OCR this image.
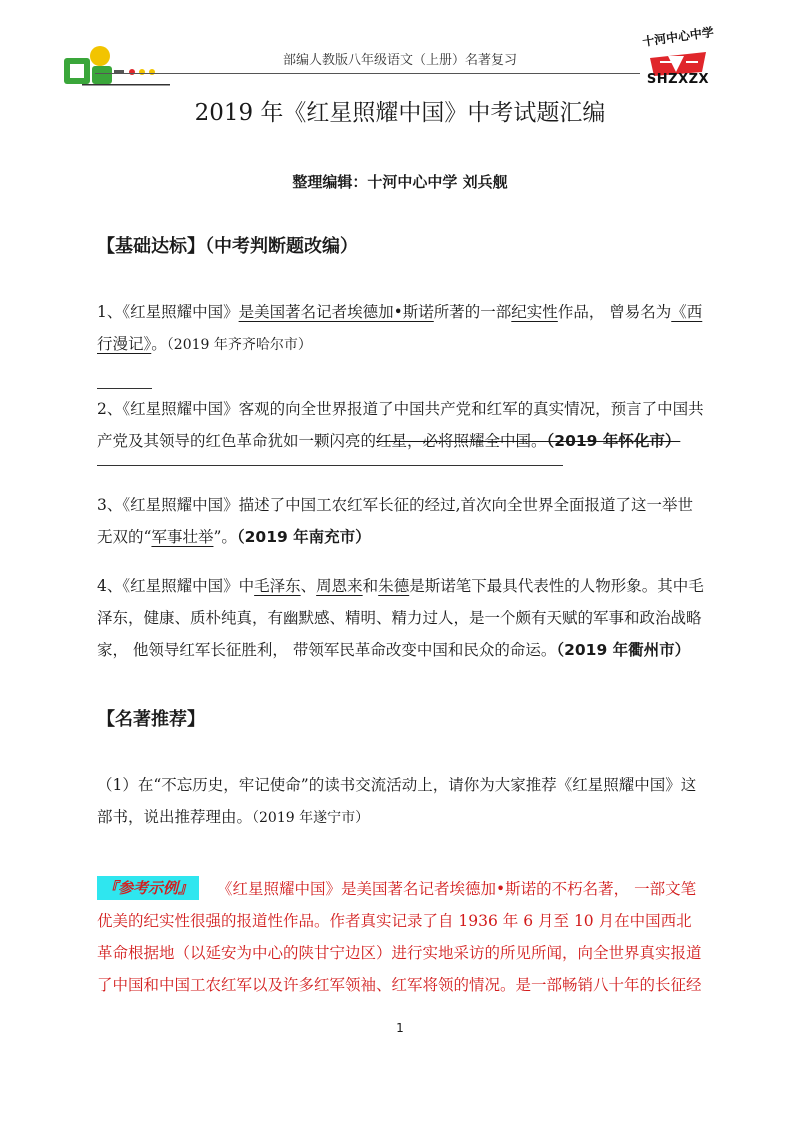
部编人教版八年级语文（上册）名著复习
十河中心中学
SHZXZX
2019 年《红星照耀中国》中考试题汇编
整理编辑：十河中心中学 刘兵舰
【基础达标】（中考判断题改编）
1、《红星照耀中国》是美国著名记者埃德加•斯诺所著的一部纪实性作品， 曾易名为《西行漫记》。（2019 年齐齐哈尔市）
2、《红星照耀中国》客观的向全世界报道了中国共产党和红军的真实情况，预言了中国共产党及其领导的红色革命犹如一颗闪亮的红星，必将照耀全中国。（2019 年怀化市）
3、《红星照耀中国》描述了中国工农红军长征的经过,首次向全世界全面报道了这一举世无双的“军事壮举”。（2019 年南充市）
4、《红星照耀中国》中毛泽东、周恩来和朱德是斯诺笔下最具代表性的人物形象。其中毛泽东，健康、质朴纯真，有幽默感、精明、精力过人，是一个颇有天赋的军事和政治战略家， 他领导红军长征胜利， 带领军民革命改变中国和民众的命运。（2019 年衢州市）
【名著推荐】
（1）在“不忘历史，牢记使命”的读书交流活动上，请你为大家推荐《红星照耀中国》这部书，说出推荐理由。（2019 年遂宁市）
《红星照耀中国》是美国著名记者埃德加•斯诺的不朽名著， 一部文笔优美的纪实性很强的报道性作品。作者真实记录了自 1936 年 6 月至 10 月在中国西北革命根据地（以延安为中心的陕甘宁边区）进行实地采访的所见所闻，向全世界真实报道了中国和中国工农红军以及许多红军领袖、红军将领的情况。是一部畅销八十年的长征经
『参考示例』
1
